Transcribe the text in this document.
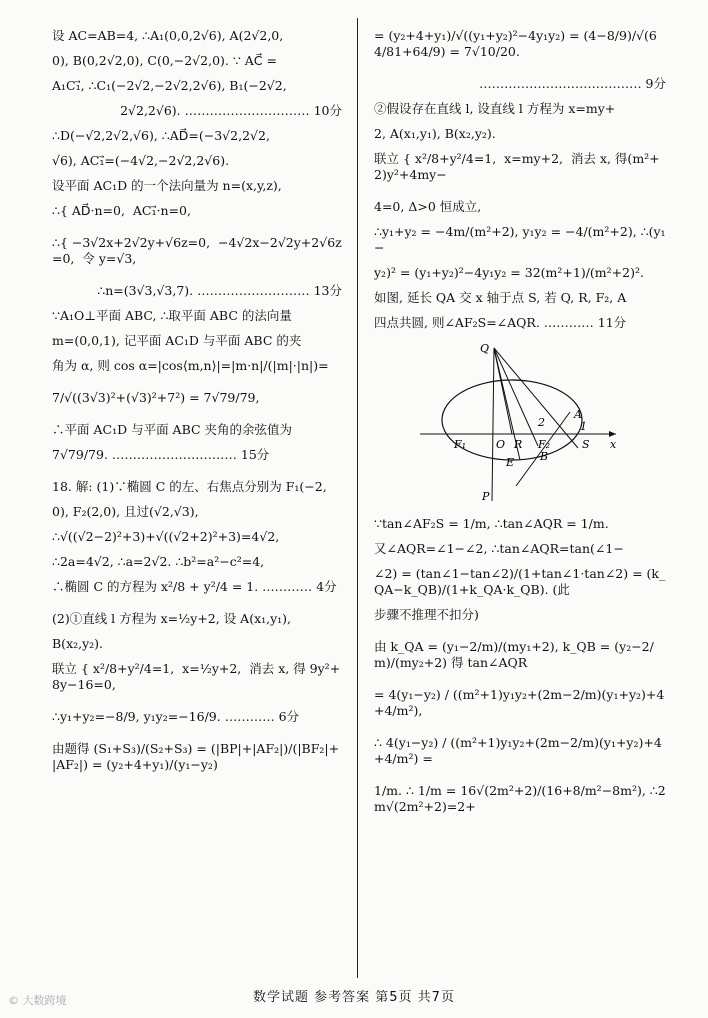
设 AC=AB=4, ∴A₁(0,0,2√6), A(2√2,0,
0), B(0,2√2,0), C(0,−2√2,0). ∵ AC⃗ =
A₁C₁⃗, ∴C₁(−2√2,−2√2,2√6), B₁(−2√2,
2√2,2√6). ………………………… 10分
∴D(−√2,2√2,√6), ∴AD⃗=(−3√2,2√2,
√6), AC₁⃗=(−4√2,−2√2,2√6).
设平面 AC₁D 的一个法向量为 n=(x,y,z),
∴{ AD⃗·n=0,  AC₁⃗·n=0,
∴{ −3√2x+2√2y+√6z=0,  −4√2x−2√2y+2√6z=0,  令 y=√3,
∴n=(3√3,√3,7). ……………………… 13分
∵A₁O⊥平面 ABC, ∴取平面 ABC 的法向量
m=(0,0,1), 记平面 AC₁D 与平面 ABC 的夹
角为 α, 则 cos α=|cos⟨m,n⟩|=|m·n|/(|m|·|n|)=
7/√((3√3)²+(√3)²+7²) = 7√79/79,
∴平面 AC₁D 与平面 ABC 夹角的余弦值为
7√79/79. ………………………… 15分
18. 解: (1)∵椭圆 C 的左、右焦点分别为 F₁(−2,
0), F₂(2,0), 且过(√2,√3),
∴√((√2−2)²+3)+√((√2+2)²+3)=4√2,
∴2a=4√2, ∴a=2√2. ∴b²=a²−c²=4,
∴椭圆 C 的方程为 x²/8 + y²/4 = 1. ………… 4分
(2)①直线 l 方程为 x=½y+2, 设 A(x₁,y₁),
B(x₂,y₂).
联立 { x²/8+y²/4=1,  x=½y+2,  消去 x, 得 9y²+8y−16=0,
∴y₁+y₂=−8/9, y₁y₂=−16/9. ………… 6分
由题得 (S₁+S₃)/(S₂+S₃) = (|BP|+|AF₂|)/(|BF₂|+|AF₂|) = (y₂+4+y₁)/(y₁−y₂)
= (y₂+4+y₁)/√((y₁+y₂)²−4y₁y₂) = (4−8/9)/√(64/81+64/9) = 7√10/20.
………………………………… 9分
②假设存在直线 l, 设直线 l 方程为 x=my+
2, A(x₁,y₁), B(x₂,y₂).
联立 { x²/8+y²/4=1,  x=my+2,  消去 x, 得(m²+2)y²+4my−
4=0, Δ>0 恒成立,
∴y₁+y₂ = −4m/(m²+2), y₁y₂ = −4/(m²+2), ∴(y₁−
y₂)² = (y₁+y₂)²−4y₁y₂ = 32(m²+1)/(m²+2)².
如图, 延长 QA 交 x 轴于点 S, 若 Q, R, F₂, A
四点共圆, 则∠AF₂S=∠AQR. ………… 11分
Q
F₁	O R F₂	S x
A
B
E
P
1
2
∵tan∠AF₂S = 1/m, ∴tan∠AQR = 1/m.
又∠AQR=∠1−∠2, ∴tan∠AQR=tan(∠1−
∠2) = (tan∠1−tan∠2)/(1+tan∠1·tan∠2) = (k_QA−k_QB)/(1+k_QA·k_QB). (此
步骤不推理不扣分)
由 k_QA = (y₁−2/m)/(my₁+2), k_QB = (y₂−2/m)/(my₂+2) 得 tan∠AQR
= 4(y₁−y₂) / ((m²+1)y₁y₂+(2m−2/m)(y₁+y₂)+4+4/m²),
∴ 4(y₁−y₂) / ((m²+1)y₁y₂+(2m−2/m)(y₁+y₂)+4+4/m²) =
1/m. ∴ 1/m = 16√(2m²+2)/(16+8/m²−8m²), ∴2m√(2m²+2)=2+
数学试题 参考答案 第5页 共7页
© 大数跨境
